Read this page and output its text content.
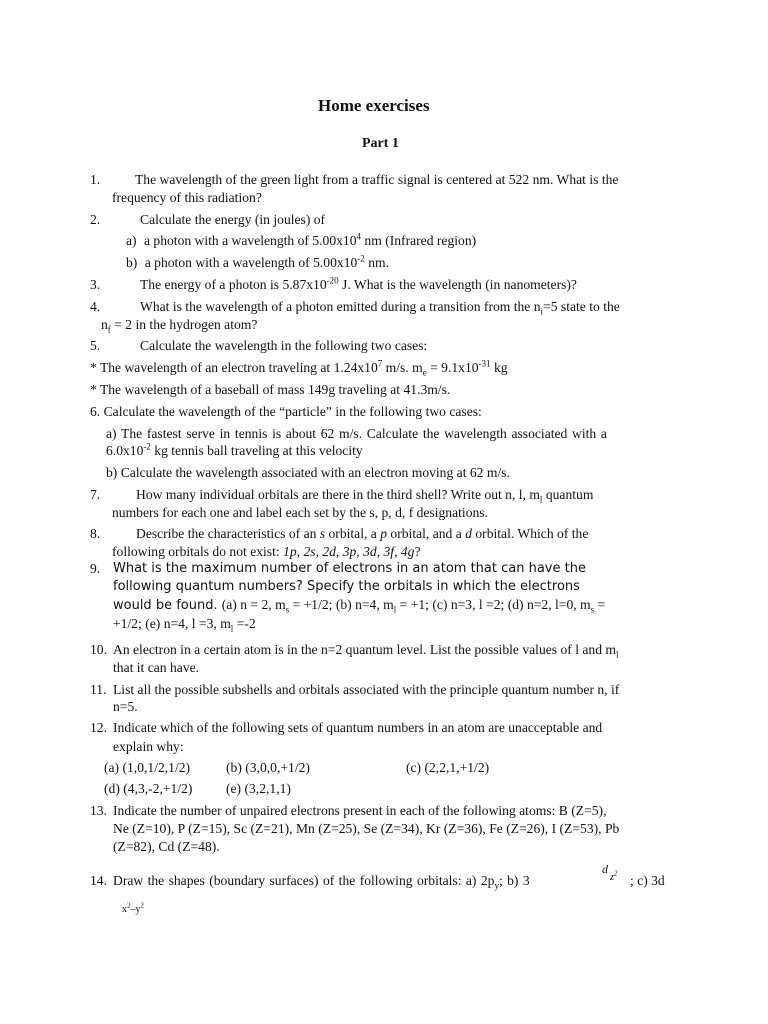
Home exercises
Part 1
1.	The wavelength of the green light from a traffic signal is centered at 522 nm. What is the
frequency of this radiation?
2.	Calculate the energy (in joules) of
a) a photon with a wavelength of $5.00x10^4$ nm (Infrared region)
b) a photon with a wavelength of $5.00x10^{-2}$ nm.
3.	The energy of a photon is $5.87x10^{-20}$ J. What is the wavelength (in nanometers)?
4.	What is the wavelength of a photon emitted during a transition from the $n_i=5$ state to the
$n_f = 2$ in the hydrogen atom?
5.	Calculate the wavelength in the following two cases:
* The wavelength of an electron traveling at $1.24x10^7$ m/s. $m_e = 9.1x10^{-31}$ kg
* The wavelength of a baseball of mass 149g traveling at 41.3m/s.
6. Calculate the wavelength of the “particle” in the following two cases:
a) The fastest serve in tennis is about 62 m/s. Calculate the wavelength associated with a
$6.0x10^{-2}$ kg tennis ball traveling at this velocity
b) Calculate the wavelength associated with an electron moving at 62 m/s.
7.	How many individual orbitals are there in the third shell? Write out n, l, $m_l$ quantum
numbers for each one and label each set by the s, p, d, f designations.
8.	Describe the characteristics of an s orbital, a p orbital, and a d orbital. Which of the
following orbitals do not exist: 1p, 2s, 2d, 3p, 3d, 3f, 4g?
9. What is the maximum number of electrons in an atom that can have the
following quantum numbers? Specify the orbitals in which the electrons
would be found. (a) n = 2, $m_s = +1/2$; (b) n=4, $m_l = +1$; (c) n=3, l =2; (d) n=2, l=0, $m_s$ =
+1/2; (e) n=4, l =3, $m_l =-2$
10. An electron in a certain atom is in the n=2 quantum level. List the possible values of l and $m_l$
that it can have.
11. List all the possible subshells and orbitals associated with the principle quantum number n, if
n=5.
12. Indicate which of the following sets of quantum numbers in an atom are unacceptable and
explain why:
(a) (1,0,1/2,1/2)	(b) (3,0,0,+1/2)	(c) (2,2,1,+1/2)
(d) (4,3,-2,+1/2) (e) (3,2,1,1)
13. Indicate the number of unpaired electrons present in each of the following atoms: B (Z=5),
Ne (Z=10), P (Z=15), Sc (Z=21), Mn (Z=25), Se (Z=34), Kr (Z=36), Fe (Z=26), I (Z=53), Pb
(Z=82), Cd (Z=48).
14. Draw the shapes (boundary surfaces) of the following orbitals: a) $2p_y$; b) 3
d
$z^2$ ; c) 3d
$x^2-y^2$
